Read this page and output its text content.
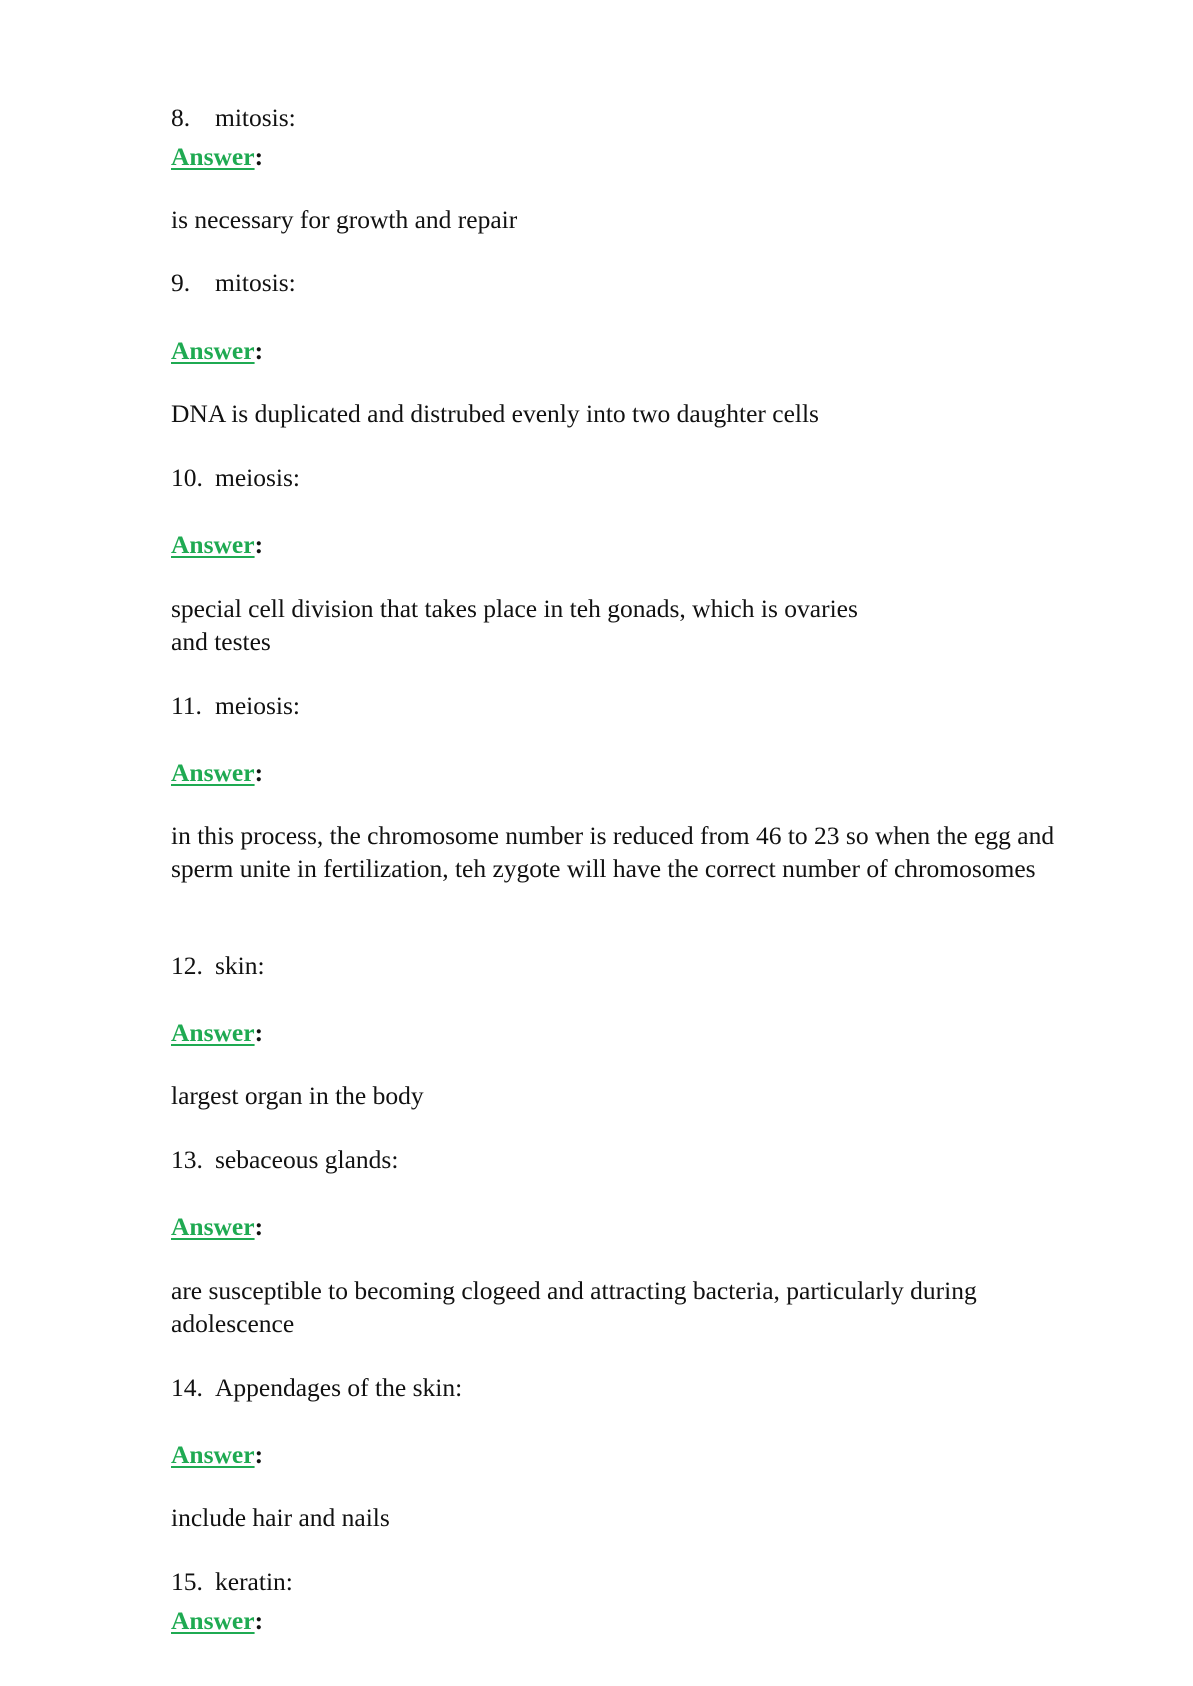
8. mitosis:
Answer:
is necessary for growth and repair
9. mitosis:
Answer:
DNA is duplicated and distrubed evenly into two daughter cells
10. meiosis:
Answer:
special cell division that takes place in teh gonads, which is ovaries
and testes
11. meiosis:
Answer:
in this process, the chromosome number is reduced from 46 to 23 so when the egg and sperm unite in fertilization, teh zygote will have the correct number of chromosomes
12. skin:
Answer:
largest organ in the body
13. sebaceous glands:
Answer:
are susceptible to becoming clogeed and attracting bacteria, particularly during adolescence
14. Appendages of the skin:
Answer:
include hair and nails
15. keratin:
Answer:
